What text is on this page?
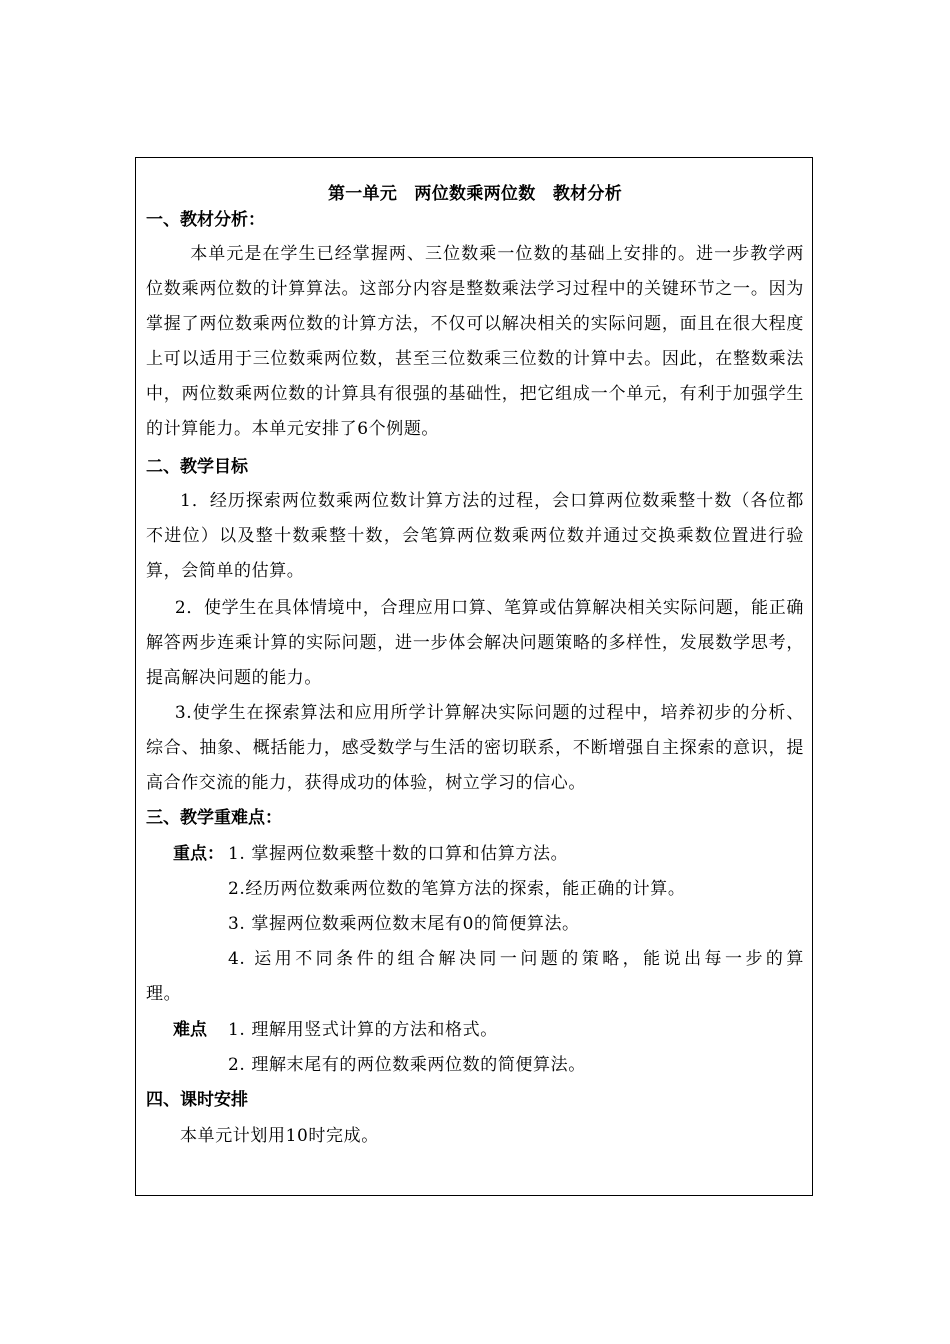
第一单元　两位数乘两位数　教材分析
一、教材分析：
本单元是在学生已经掌握两、三位数乘一位数的基础上安排的。进一步教学两位数乘两位数的计算算法。这部分内容是整数乘法学习过程中的关键环节之一。因为掌握了两位数乘两位数的计算方法，不仅可以解决相关的实际问题，面且在很大程度上可以适用于三位数乘两位数，甚至三位数乘三位数的计算中去。因此，在整数乘法中，两位数乘两位数的计算具有很强的基础性，把它组成一个单元，有利于加强学生的计算能力。本单元安排了6个例题。
二、教学目标
1．经历探索两位数乘两位数计算方法的过程，会口算两位数乘整十数（各位都不进位）以及整十数乘整十数，会笔算两位数乘两位数并通过交换乘数位置进行验算，会简单的估算。
2．使学生在具体情境中，合理应用口算、笔算或估算解决相关实际问题，能正确解答两步连乘计算的实际问题，进一步体会解决问题策略的多样性，发展数学思考，提高解决问题的能力。
3.使学生在探索算法和应用所学计算解决实际问题的过程中，培养初步的分析、综合、抽象、概括能力，感受数学与生活的密切联系，不断增强自主探索的意识，提高合作交流的能力，获得成功的体验，树立学习的信心。
三、教学重难点：
重点： 1. 掌握两位数乘整十数的口算和估算方法。
2.经历两位数乘两位数的笔算方法的探索，能正确的计算。
3. 掌握两位数乘两位数末尾有0的简便算法。
4. 运用不同条件的组合解决同一问题的策略，能说出每一步的算
理。
难点 1. 理解用竖式计算的方法和格式。
2. 理解末尾有的两位数乘两位数的简便算法。
四、课时安排
本单元计划用10时完成。
